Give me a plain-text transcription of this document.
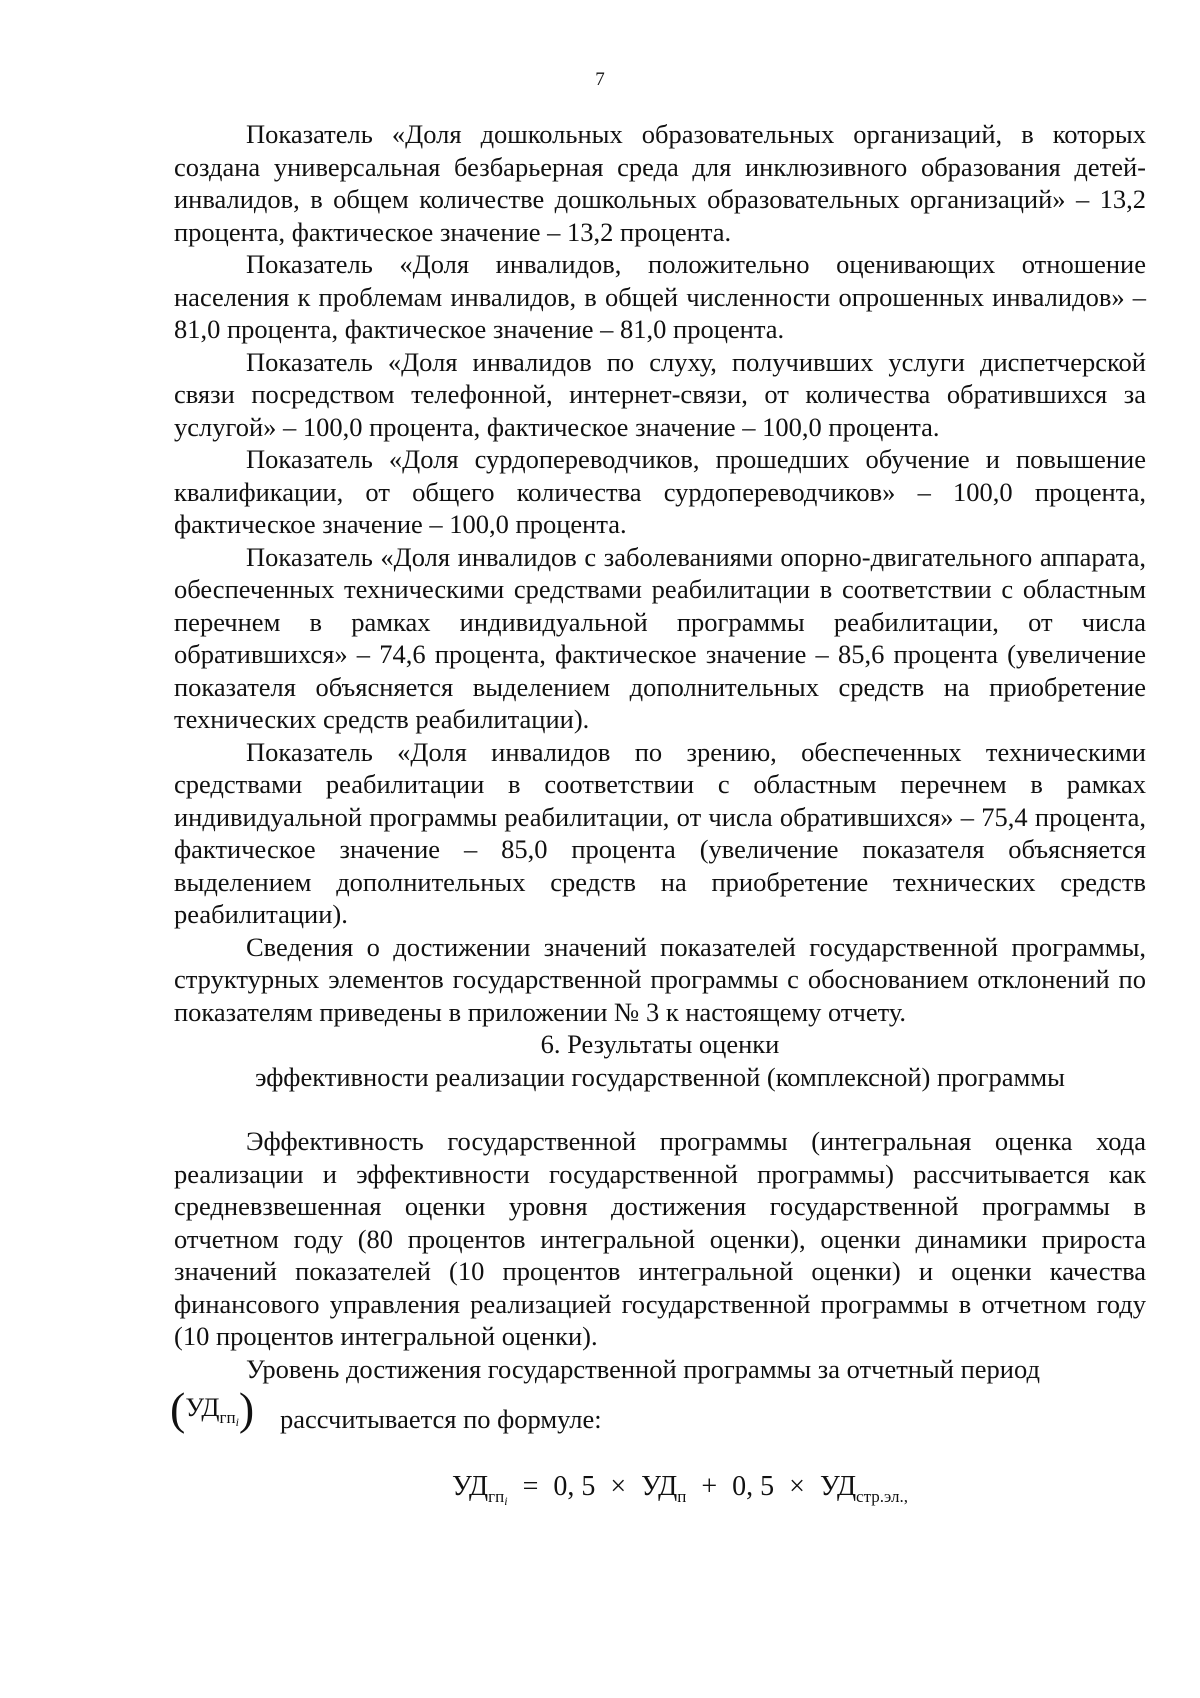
7

Показатель «Доля дошкольных образовательных организаций, в которых создана универсальная безбарьерная среда для инклюзивного образования детей-инвалидов, в общем количестве дошкольных образовательных организаций» – 13,2 процента, фактическое значение – 13,2 процента.

Показатель «Доля инвалидов, положительно оценивающих отношение населения к проблемам инвалидов, в общей численности опрошенных инвалидов» – 81,0 процента, фактическое значение – 81,0 процента.

Показатель «Доля инвалидов по слуху, получивших услуги диспетчерской связи посредством телефонной, интернет-связи, от количества обратившихся за услугой» – 100,0 процента, фактическое значение – 100,0 процента.

Показатель «Доля сурдопереводчиков, прошедших обучение и повышение квалификации, от общего количества сурдопереводчиков» – 100,0 процента, фактическое значение – 100,0 процента.

Показатель «Доля инвалидов с заболеваниями опорно-двигательного аппарата, обеспеченных техническими средствами реабилитации в соответствии с областным перечнем в рамках индивидуальной программы реабилитации, от числа обратившихся» – 74,6 процента, фактическое значение – 85,6 процента (увеличение показателя объясняется выделением дополнительных средств на приобретение технических средств реабилитации).

Показатель «Доля инвалидов по зрению, обеспеченных техническими средствами реабилитации в соответствии с областным перечнем в рамках индивидуальной программы реабилитации, от числа обратившихся» – 75,4 процента, фактическое значение – 85,0 процента (увеличение показателя объясняется выделением дополнительных средств на приобретение технических средств реабилитации).

Сведения о достижении значений показателей государственной программы, структурных элементов государственной программы с обоснованием отклонений по показателям приведены в приложении № 3 к настоящему отчету.

6. Результаты оценки

эффективности реализации государственной (комплексной) программы

Эффективность государственной программы (интегральная оценка хода реализации и эффективности государственной программы) рассчитывается как средневзвешенная оценки уровня достижения государственной программы в отчетном году (80 процентов интегральной оценки), оценки динамики прироста значений показателей (10 процентов интегральной оценки) и оценки качества финансового управления реализацией государственной программы в отчетном году (10 процентов интегральной оценки).

Уровень достижения государственной программы за отчетный период

$(УД_{гпi})$ рассчитывается по формуле:
$УД_{гпi} = 0$, $5 \times УД_п + 0$, $5 \times УД_{стр.эл.,}$
